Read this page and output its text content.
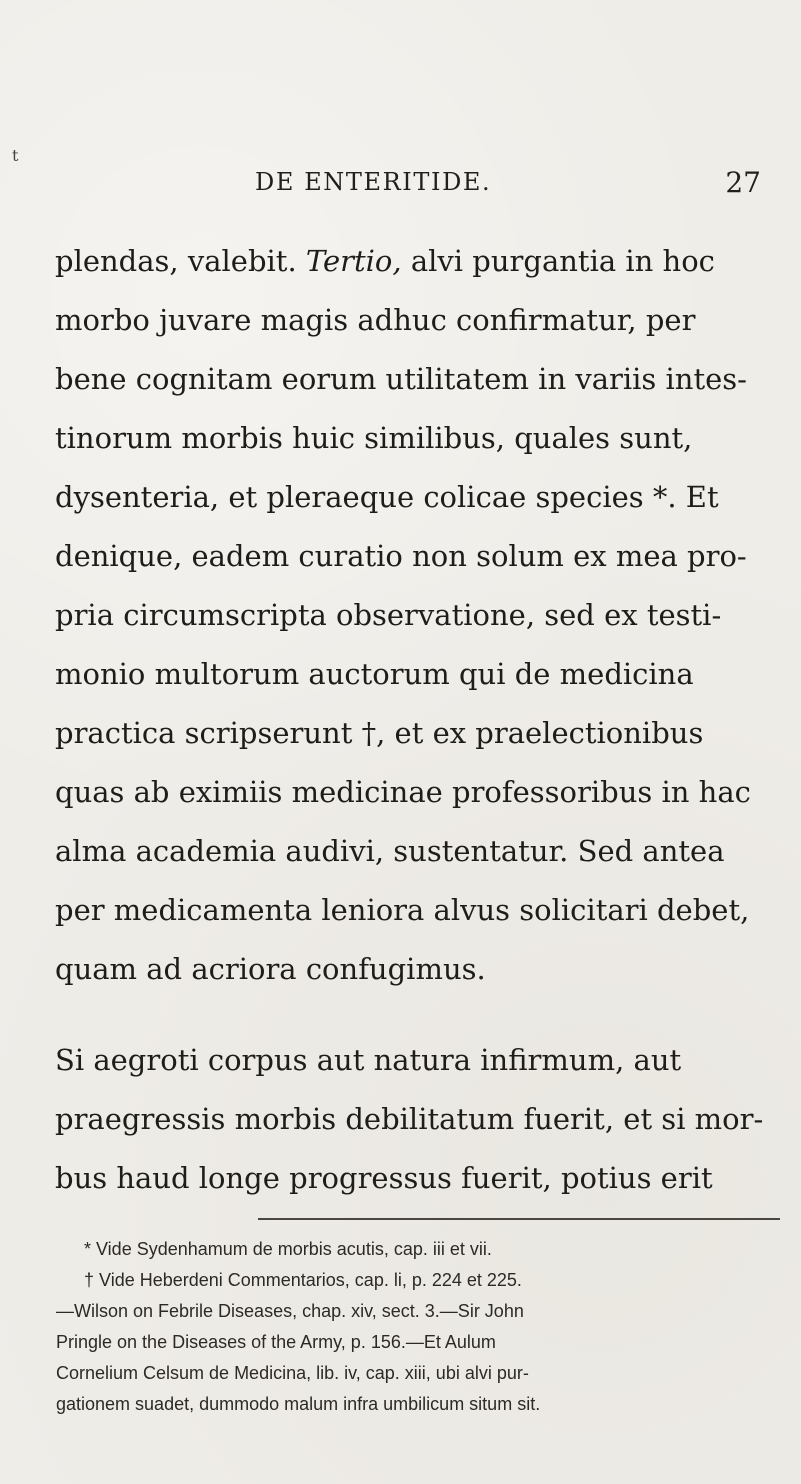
t
DE ENTERITIDE.	27

plendas, valebit. Tertio, alvi purgantia in hoc
morbo juvare magis adhuc confirmatur, per
bene cognitam eorum utilitatem in variis intes-
tinorum morbis huic similibus, quales sunt,
dysenteria, et pleraeque colicae species *. Et
denique, eadem curatio non solum ex mea pro-
pria circumscripta observatione, sed ex testi-
monio multorum auctorum qui de medicina
practica scripserunt †, et ex praelectionibus
quas ab eximiis medicinae professoribus in hac
alma academia audivi, sustentatur. Sed antea
per medicamenta leniora alvus solicitari debet,
quam ad acriora confugimus.

Si aegroti corpus aut natura infirmum, aut
praegressis morbis debilitatum fuerit, et si mor-
bus haud longe progressus fuerit, potius erit

* Vide Sydenhamum de morbis acutis, cap. iii et vii.

† Vide Heberdeni Commentarios, cap. li, p. 224 et 225.

—Wilson on Febrile Diseases, chap. xiv, sect. 3.—Sir John

Pringle on the Diseases of the Army, p. 156.—Et Aulum

Cornelium Celsum de Medicina, lib. iv, cap. xiii, ubi alvi pur-

gationem suadet, dummodo malum infra umbilicum situm sit.
